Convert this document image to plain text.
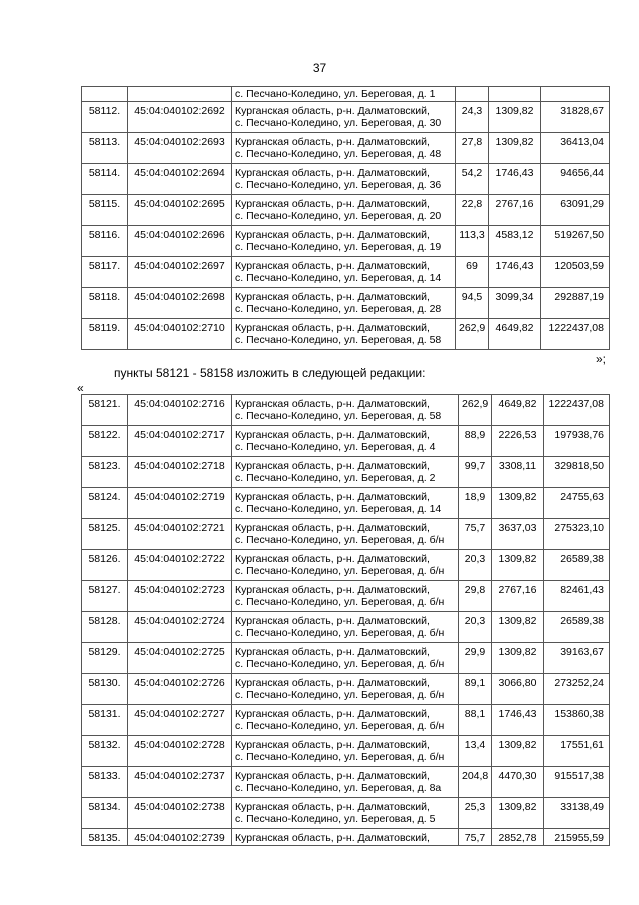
37
		с. Песчано-Коледино, ул. Береговая, д. 1			
58112.	45:04:040102:2692	Курганская область, р-н. Далматовский,
с. Песчано-Коледино, ул. Береговая, д. 30	24,3	1309,82	31828,67
58113.	45:04:040102:2693	Курганская область, р-н. Далматовский,
с. Песчано-Коледино, ул. Береговая, д. 48	27,8	1309,82	36413,04
58114.	45:04:040102:2694	Курганская область, р-н. Далматовский,
с. Песчано-Коледино, ул. Береговая, д. 36	54,2	1746,43	94656,44
58115.	45:04:040102:2695	Курганская область, р-н. Далматовский,
с. Песчано-Коледино, ул. Береговая, д. 20	22,8	2767,16	63091,29
58116.	45:04:040102:2696	Курганская область, р-н. Далматовский,
с. Песчано-Коледино, ул. Береговая, д. 19	113,3	4583,12	519267,50
58117.	45:04:040102:2697	Курганская область, р-н. Далматовский,
с. Песчано-Коледино, ул. Береговая, д. 14	69	1746,43	120503,59
58118.	45:04:040102:2698	Курганская область, р-н. Далматовский,
с. Песчано-Коледино, ул. Береговая, д. 28	94,5	3099,34	292887,19
58119.	45:04:040102:2710	Курганская область, р-н. Далматовский,
с. Песчано-Коледино, ул. Береговая, д. 58	262,9	4649,82	1222437,08
»;
пункты 58121 - 58158 изложить в следующей редакции:
«
58121.	45:04:040102:2716	Курганская область, р-н. Далматовский,
с. Песчано-Коледино, ул. Береговая, д. 58	262,9	4649,82	1222437,08
58122.	45:04:040102:2717	Курганская область, р-н. Далматовский,
с. Песчано-Коледино, ул. Береговая, д. 4	88,9	2226,53	197938,76
58123.	45:04:040102:2718	Курганская область, р-н. Далматовский,
с. Песчано-Коледино, ул. Береговая, д. 2	99,7	3308,11	329818,50
58124.	45:04:040102:2719	Курганская область, р-н. Далматовский,
с. Песчано-Коледино, ул. Береговая, д. 14	18,9	1309,82	24755,63
58125.	45:04:040102:2721	Курганская область, р-н. Далматовский,
с. Песчано-Коледино, ул. Береговая, д. б/н	75,7	3637,03	275323,10
58126.	45:04:040102:2722	Курганская область, р-н. Далматовский,
с. Песчано-Коледино, ул. Береговая, д. б/н	20,3	1309,82	26589,38
58127.	45:04:040102:2723	Курганская область, р-н. Далматовский,
с. Песчано-Коледино, ул. Береговая, д. б/н	29,8	2767,16	82461,43
58128.	45:04:040102:2724	Курганская область, р-н. Далматовский,
с. Песчано-Коледино, ул. Береговая, д. б/н	20,3	1309,82	26589,38
58129.	45:04:040102:2725	Курганская область, р-н. Далматовский,
с. Песчано-Коледино, ул. Береговая, д. б/н	29,9	1309,82	39163,67
58130.	45:04:040102:2726	Курганская область, р-н. Далматовский,
с. Песчано-Коледино, ул. Береговая, д. б/н	89,1	3066,80	273252,24
58131.	45:04:040102:2727	Курганская область, р-н. Далматовский,
с. Песчано-Коледино, ул. Береговая, д. б/н	88,1	1746,43	153860,38
58132.	45:04:040102:2728	Курганская область, р-н. Далматовский,
с. Песчано-Коледино, ул. Береговая, д. б/н	13,4	1309,82	17551,61
58133.	45:04:040102:2737	Курганская область, р-н. Далматовский,
с. Песчано-Коледино, ул. Береговая, д. 8а	204,8	4470,30	915517,38
58134.	45:04:040102:2738	Курганская область, р-н. Далматовский,
с. Песчано-Коледино, ул. Береговая, д. 5	25,3	1309,82	33138,49
58135.	45:04:040102:2739	Курганская область, р-н. Далматовский,	75,7	2852,78	215955,59
